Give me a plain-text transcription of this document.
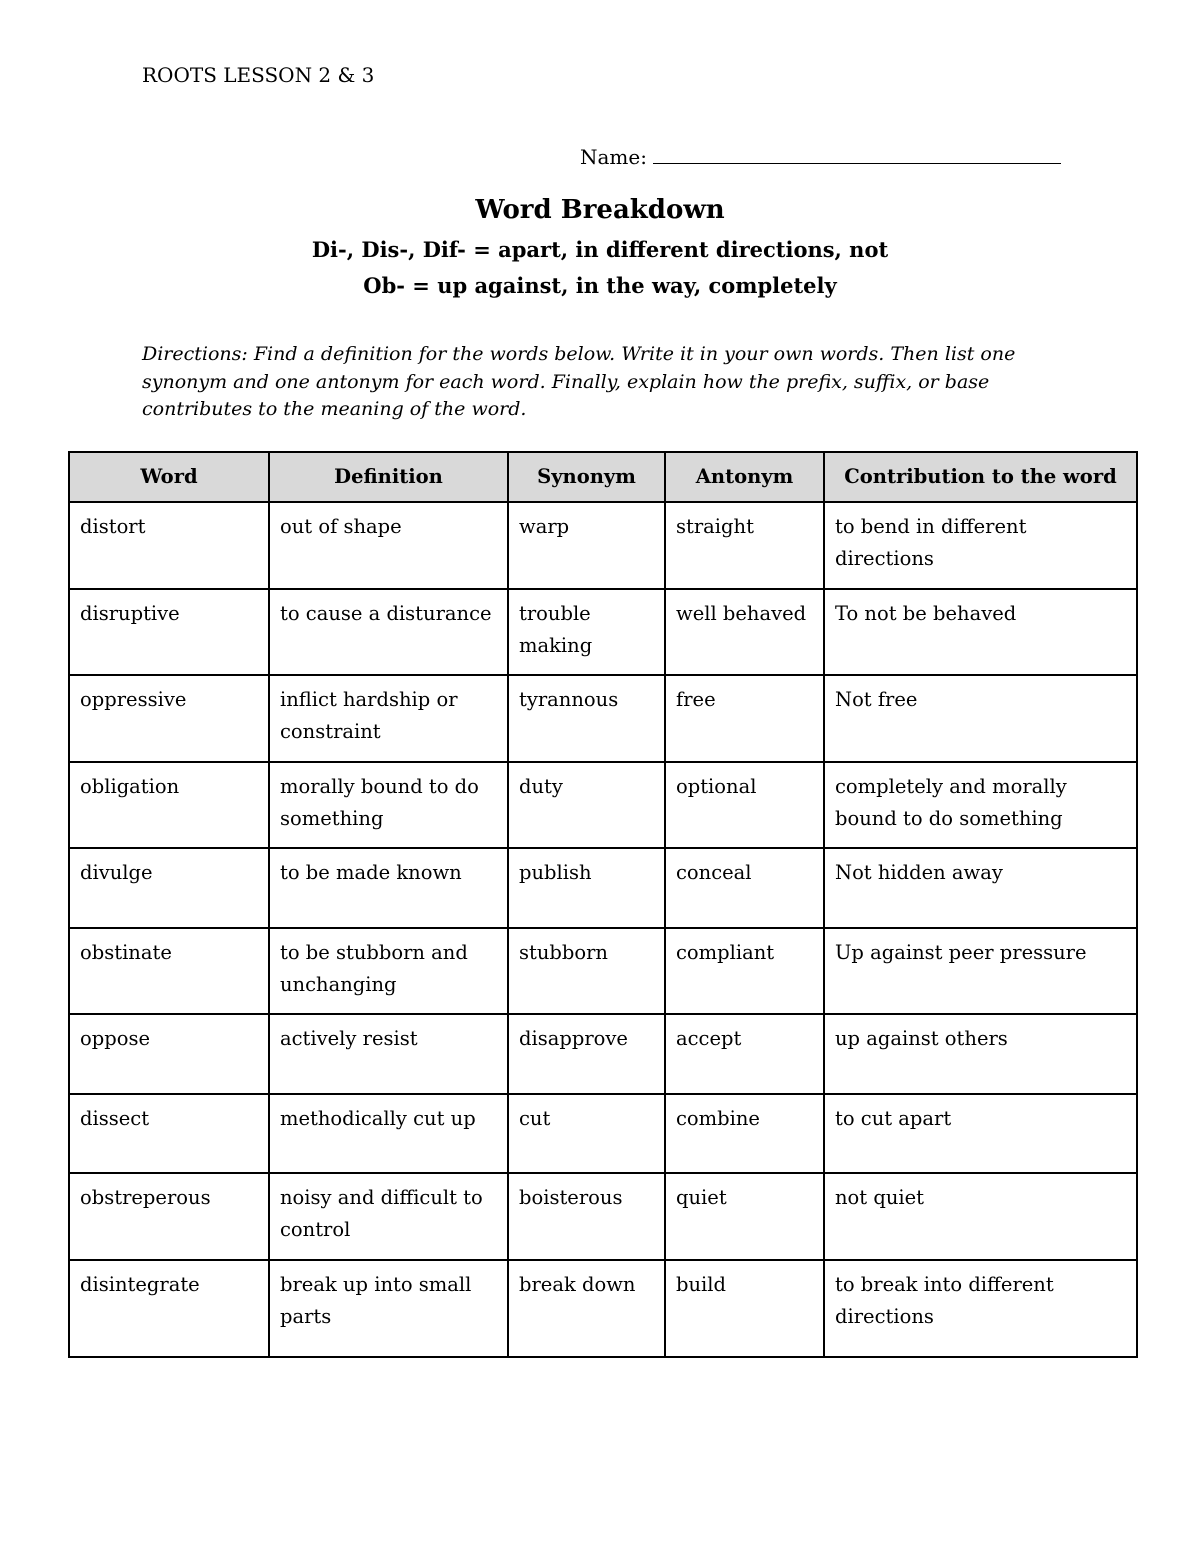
ROOTS LESSON 2 & 3
Name:
Word Breakdown
Di-, Dis-, Dif- = apart, in different directions, not
Ob- = up against, in the way, completely
Directions: Find a definition for the words below. Write it in your own words. Then list one synonym and one antonym for each word. Finally, explain how the prefix, suffix, or base contributes to the meaning of the word.
Word	Definition	Synonym	Antonym	Contribution to the word
distort	out of shape	warp	straight	to bend in different directions
disruptive	to cause a disturance	trouble making	well behaved	To not be behaved
oppressive	inflict hardship or constraint	tyrannous	free	Not free
obligation	morally bound to do something	duty	optional	completely and morally bound to do something
divulge	to be made known	publish	conceal	Not hidden away
obstinate	to be stubborn and unchanging	stubborn	compliant	Up against peer pressure
oppose	actively resist	disapprove	accept	up against others
dissect	methodically cut up	cut	combine	to cut apart
obstreperous	noisy and difficult to control	boisterous	quiet	not quiet
disintegrate	break up into small parts	break down	build	to break into different directions
